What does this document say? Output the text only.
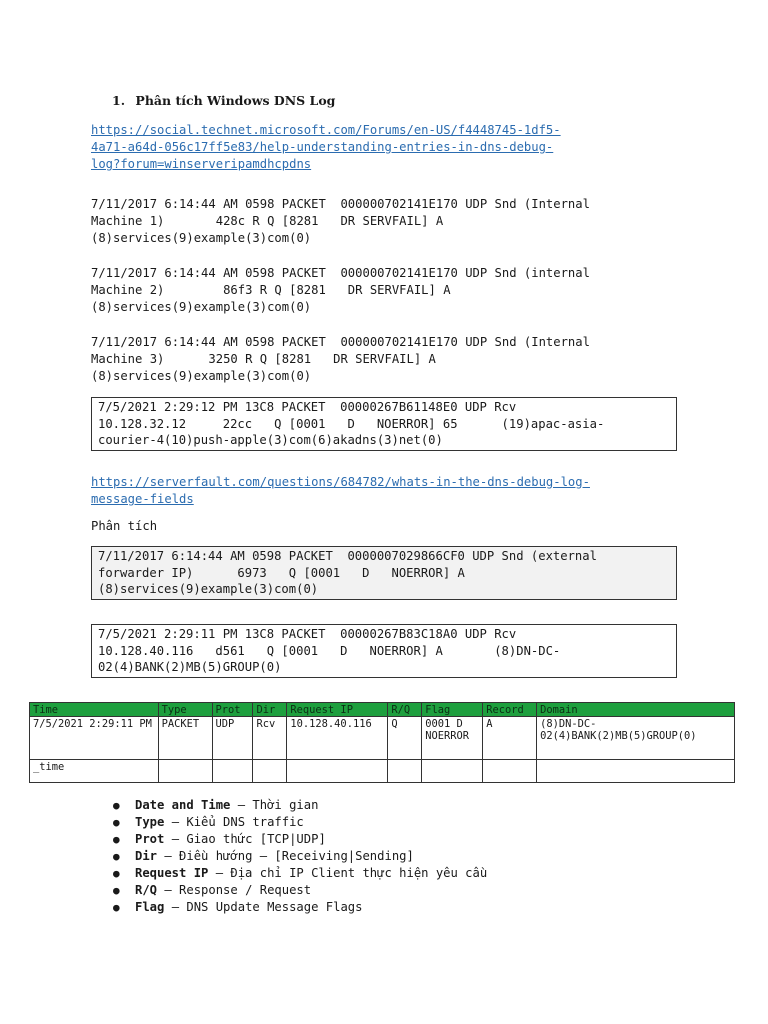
1. Phân tích Windows DNS Log
https://social.technet.microsoft.com/Forums/en-US/f4448745-1df5-
4a71-a64d-056c17ff5e83/help-understanding-entries-in-dns-debug-
log?forum=winserveripamdhcpdns
7/11/2017 6:14:44 AM 0598 PACKET  000000702141E170 UDP Snd (Internal
Machine 1)       428c R Q [8281   DR SERVFAIL] A
(8)services(9)example(3)com(0)
7/11/2017 6:14:44 AM 0598 PACKET  000000702141E170 UDP Snd (internal
Machine 2)        86f3 R Q [8281   DR SERVFAIL] A
(8)services(9)example(3)com(0)
7/11/2017 6:14:44 AM 0598 PACKET  000000702141E170 UDP Snd (Internal
Machine 3)      3250 R Q [8281   DR SERVFAIL] A
(8)services(9)example(3)com(0)
7/5/2021 2:29:12 PM 13C8 PACKET  00000267B61148E0 UDP Rcv
10.128.32.12     22cc   Q [0001   D   NOERROR] 65      (19)apac-asia-
courier-4(10)push-apple(3)com(6)akadns(3)net(0)
https://serverfault.com/questions/684782/whats-in-the-dns-debug-log-
message-fields
Phân tích
7/11/2017 6:14:44 AM 0598 PACKET  0000007029866CF0 UDP Snd (external
forwarder IP)      6973   Q [0001   D   NOERROR] A
(8)services(9)example(3)com(0)
7/5/2021 2:29:11 PM 13C8 PACKET  00000267B83C18A0 UDP Rcv
10.128.40.116   d561   Q [0001   D   NOERROR] A       (8)DN-DC-
02(4)BANK(2)MB(5)GROUP(0)
Time	Type	Prot	Dir	Request IP	R/Q	Flag	Record	Domain
7/5/2021 2:29:11 PM	PACKET	UDP	Rcv	10.128.40.116	Q	0001 D NOERROR	A	(8)DN-DC-02(4)BANK(2)MB(5)GROUP(0)
_time								
●	Date and Time – Thời gian
●	Type – Kiểu DNS traffic
●	Prot – Giao thức [TCP|UDP]
●	Dir – Điều hướng – [Receiving|Sending]
●	Request IP – Địa chỉ IP Client thực hiện yêu cầu
●	R/Q – Response / Request
●	Flag – DNS Update Message Flags
